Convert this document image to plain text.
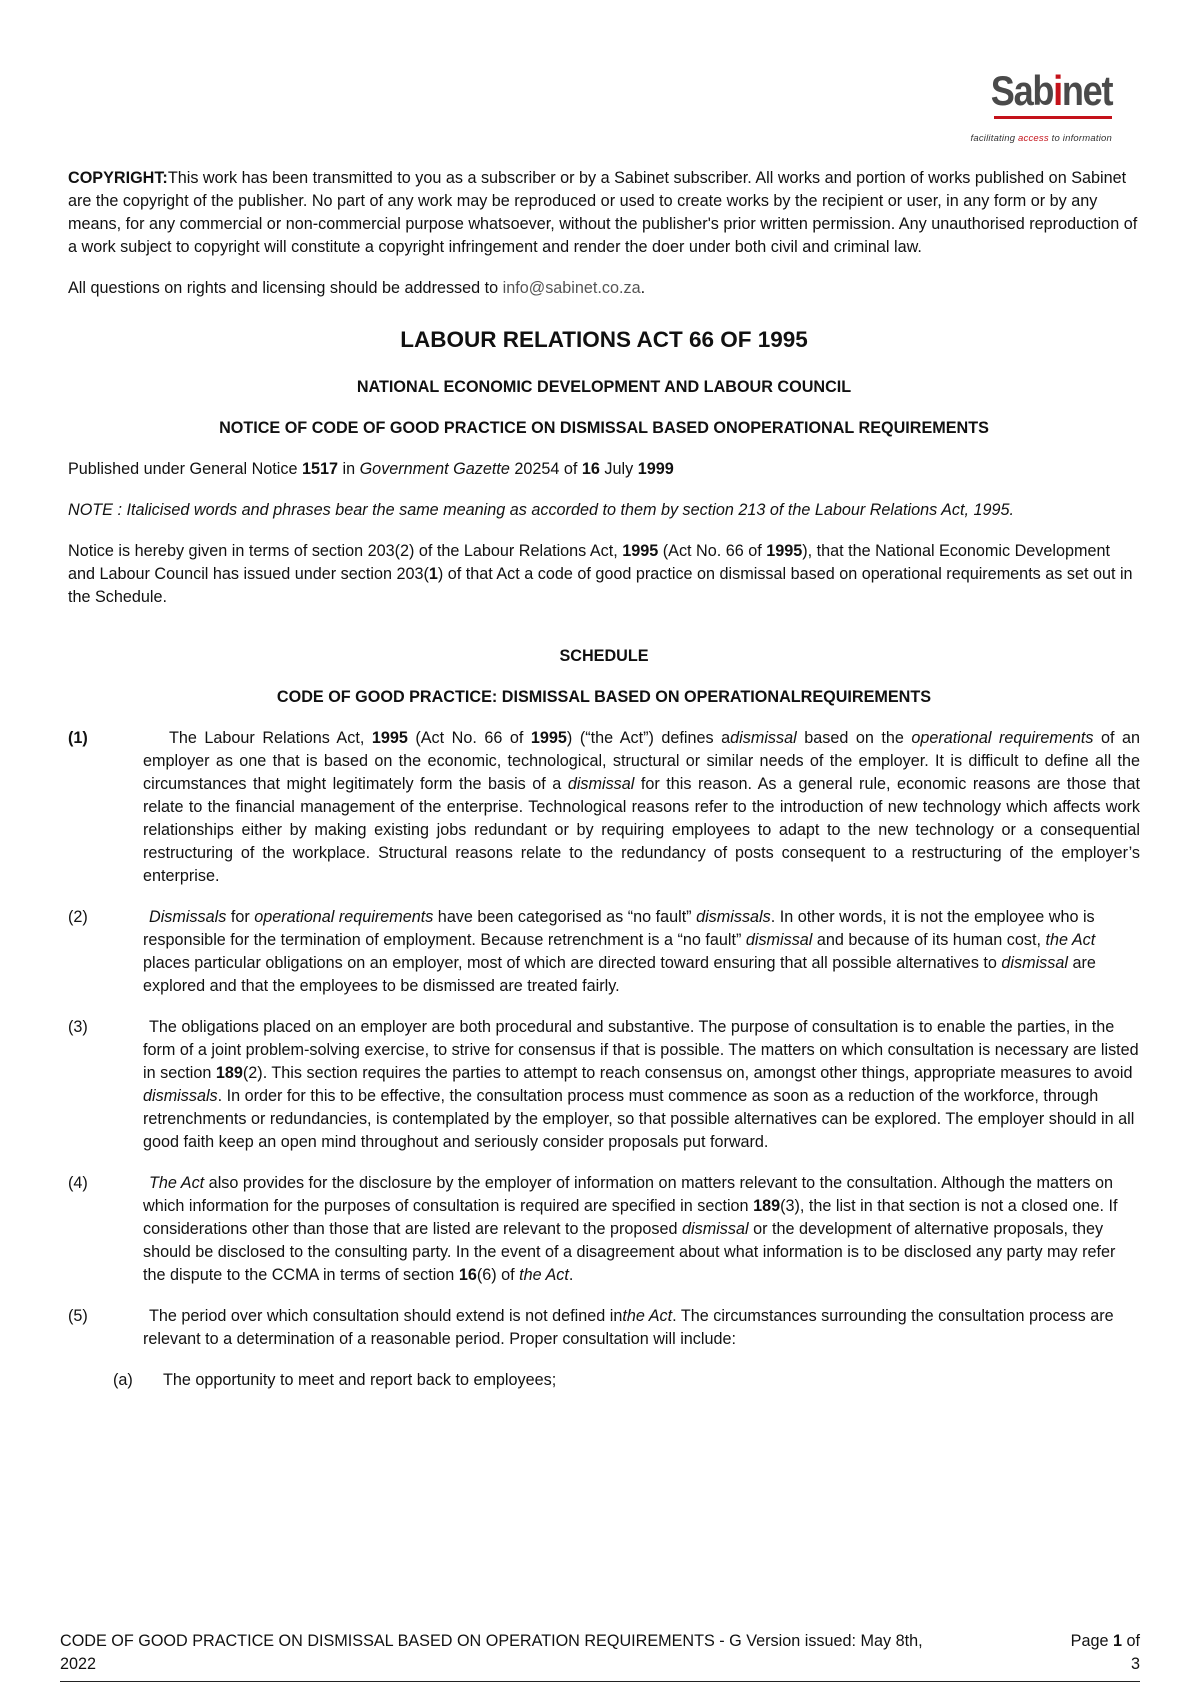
Sabinet
facilitating access to information

COPYRIGHT:This work has been transmitted to you as a subscriber or by a Sabinet subscriber. All works and portion of works published on Sabinet are the copyright of the publisher. No part of any work may be reproduced or used to create works by the recipient or user, in any form or by any means, for any commercial or non-commercial purpose whatsoever, without the publisher's prior written permission. Any unauthorised reproduction of a work subject to copyright will constitute a copyright infringement and render the doer under both civil and criminal law.

All questions on rights and licensing should be addressed to info@sabinet.co.za.

LABOUR RELATIONS ACT 66 OF 1995

NATIONAL ECONOMIC DEVELOPMENT AND LABOUR COUNCIL

NOTICE OF CODE OF GOOD PRACTICE ON DISMISSAL BASED ONOPERATIONAL REQUIREMENTS

Published under General Notice 1517 in Government Gazette 20254 of 16 July 1999

NOTE : Italicised words and phrases bear the same meaning as accorded to them by section 213 of the Labour Relations Act, 1995.

Notice is hereby given in terms of section 203(2) of the Labour Relations Act, 1995 (Act No. 66 of 1995), that the National Economic Development and Labour Council has issued under section 203(1) of that Act a code of good practice on dismissal based on operational requirements as set out in the Schedule.

SCHEDULE

CODE OF GOOD PRACTICE: DISMISSAL BASED ON OPERATIONALREQUIREMENTS

(1)	The Labour Relations Act, 1995 (Act No. 66 of 1995) (“the Act”) defines adismissal based on the operational requirements of an employer as one that is based on the economic, technological, structural or similar needs of the employer. It is difficult to define all the circumstances that might legitimately form the basis of a dismissal for this reason. As a general rule, economic reasons are those that relate to the financial management of the enterprise. Technological reasons refer to the introduction of new technology which affects work relationships either by making existing jobs redundant or by requiring employees to adapt to the new technology or a consequential restructuring of the workplace. Structural reasons relate to the redundancy of posts consequent to a restructuring of the employer’s enterprise.
(2)	Dismissals for operational requirements have been categorised as “no fault” dismissals. In other words, it is not the employee who is responsible for the termination of employment. Because retrenchment is a “no fault” dismissal and because of its human cost, the Act places particular obligations on an employer, most of which are directed toward ensuring that all possible alternatives to dismissal are explored and that the employees to be dismissed are treated fairly.
(3)	The obligations placed on an employer are both procedural and substantive. The purpose of consultation is to enable the parties, in the form of a joint problem-solving exercise, to strive for consensus if that is possible. The matters on which consultation is necessary are listed in section 189(2). This section requires the parties to attempt to reach consensus on, amongst other things, appropriate measures to avoid dismissals. In order for this to be effective, the consultation process must commence as soon as a reduction of the workforce, through retrenchments or redundancies, is contemplated by the employer, so that possible alternatives can be explored. The employer should in all good faith keep an open mind throughout and seriously consider proposals put forward.
(4)	The Act also provides for the disclosure by the employer of information on matters relevant to the consultation. Although the matters on which information for the purposes of consultation is required are specified in section 189(3), the list in that section is not a closed one. If considerations other than those that are listed are relevant to the proposed dismissal or the development of alternative proposals, they should be disclosed to the consulting party. In the event of a disagreement about what information is to be disclosed any party may refer the dispute to the CCMA in terms of section 16(6) of the Act.
(5)	The period over which consultation should extend is not defined inthe Act. The circumstances surrounding the consultation process are relevant to a determination of a reasonable period. Proper consultation will include:
(a) The opportunity to meet and report back to employees;
CODE OF GOOD PRACTICE ON DISMISSAL BASED ON OPERATION REQUIREMENTS - G Version issued: May 8th, 2022
Page 1 of
3
